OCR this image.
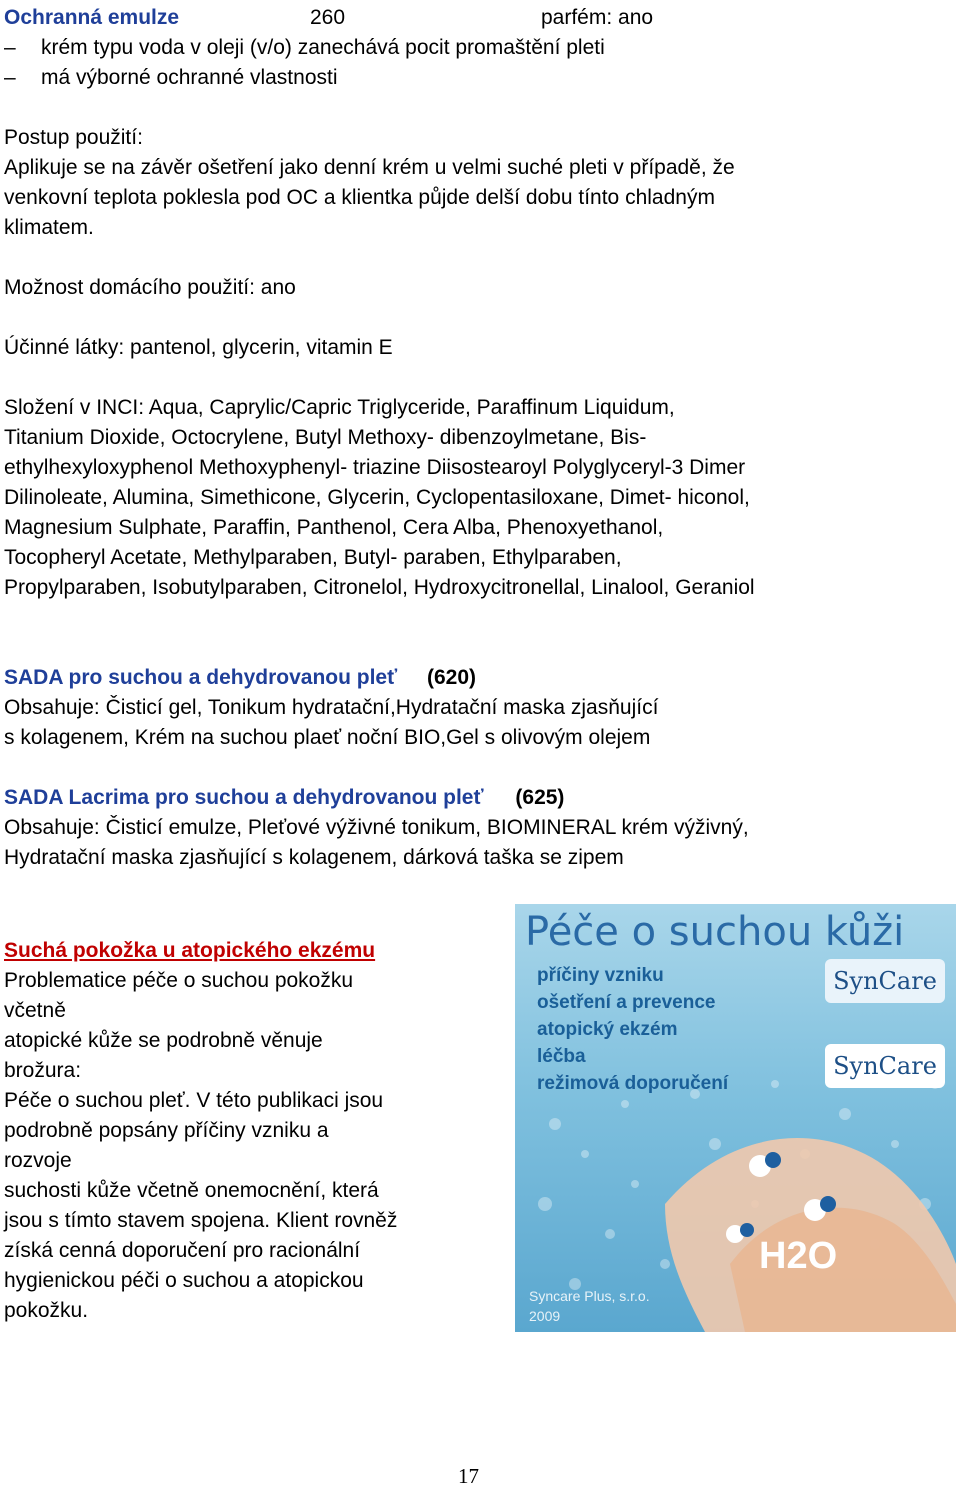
Ochranná emulze	260	parfém: ano
–	krém typu voda v oleji (v/o) zanechává pocit promaštění pleti
–	má výborné ochranné vlastnosti
Postup použití:
Aplikuje se na závěr ošetření jako denní krém u velmi suché pleti v případě, že
venkovní teplota poklesla pod OC a klientka půjde delší dobu tínto chladným
klimatem.
Možnost domácího použití: ano
Účinné látky: pantenol, glycerin, vitamin E
Složení v INCI: Aqua, Caprylic/Capric Triglyceride, Paraffinum Liquidum,
Titanium Dioxide, Octocrylene, Butyl Methoxy- dibenzoylmetane, Bis-
ethylhexyloxyphenol Methoxyphenyl- triazine Diisostearoyl Polyglyceryl-3 Dimer
Dilinoleate, Alumina, Simethicone, Glycerin, Cyclopentasiloxane, Dimet- hiconol,
Magnesium Sulphate, Paraffin, Panthenol, Cera Alba, Phenoxyethanol,
Tocopheryl Acetate, Methylparaben, Butyl- paraben, Ethylparaben,
Propylparaben, Isobutylparaben, Citronelol, Hydroxycitronellal, Linalool, Geraniol
SADA pro suchou a dehydrovanou pleť (620)
Obsahuje: Čisticí gel, Tonikum hydratační,Hydratační maska zjasňující
s kolagenem, Krém na suchou plaeť noční BIO,Gel s olivovým olejem
SADA Lacrima pro suchou a dehydrovanou pleť (625)
Obsahuje: Čisticí emulze, Pleťové výživné tonikum, BIOMINERAL krém výživný,
Hydratační maska zjasňující s kolagenem, dárková taška se zipem
Suchá pokožka u atopického ekzému
Problematice péče o suchou pokožku
včetně
atopické kůže se podrobně věnuje
brožura:
Péče o suchou pleť. V této publikaci jsou
podrobně popsány příčiny vzniku a
rozvoje
suchosti kůže včetně onemocnění, která
jsou s tímto stavem spojena. Klient rovněž
získá cenná doporučení pro racionální
hygienickou péči o suchou a atopickou
pokožku.
Péče o suchou kůži
příčiny vzniku
ošetření a prevence
atopický ekzém
léčba
režimová doporučení
SynCare
SynCare
H2O
Syncare Plus, s.r.o.
2009
17
